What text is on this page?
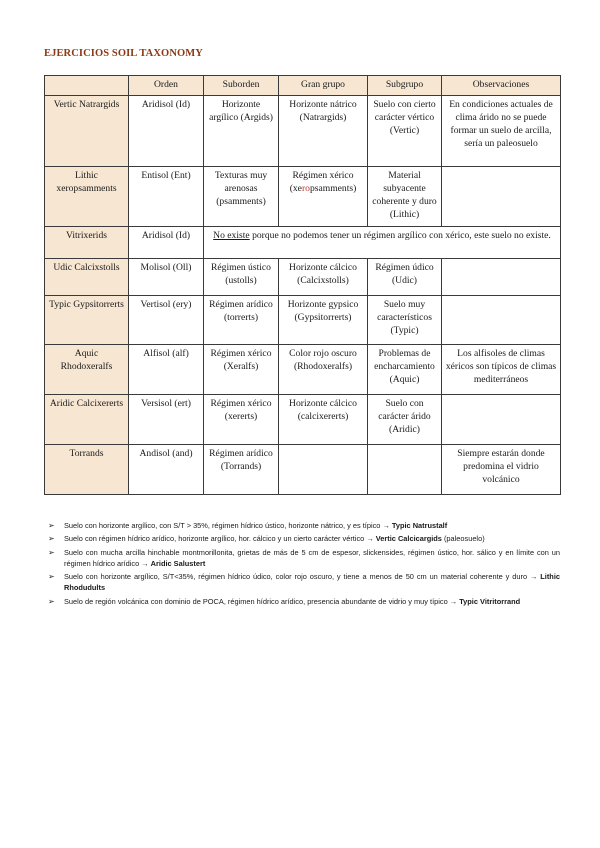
EJERCICIOS SOIL TAXONOMY
	Orden	Suborden	Gran grupo	Subgrupo	Observaciones
Vertic Natrargids	Aridisol (Id)	Horizonte argílico (Argids)	Horizonte nátrico (Natrargids)	Suelo con cierto carácter vértico (Vertic)	En condiciones actuales de clima árido no se puede formar un suelo de arcilla, sería un paleosuelo
Lithic xeropsamments	Entisol (Ent)	Texturas muy arenosas (psamments)	Régimen xérico (xeropsamments)	Material subyacente coherente y duro (Lithic)	
Vitrixerids	Aridisol (Id)	No existe porque no podemos tener un régimen argílico con xérico, este suelo no existe.			
Udic Calcixstolls	Molisol (Oll)	Régimen ústico (ustolls)	Horizonte cálcico (Calcixstolls)	Régimen údico (Udic)	
Typic Gypsitorrerts	Vertisol (ery)	Régimen arídico (torrerts)	Horizonte gypsico (Gypsitorrerts)	Suelo muy característicos (Typic)	
Aquic Rhodoxeralfs	Alfisol (alf)	Régimen xérico (Xeralfs)	Color rojo oscuro (Rhodoxeralfs)	Problemas de encharcamiento (Aquic)	Los alfisoles de climas xéricos son típicos de climas mediterráneos
Aridic Calcixererts	Versisol (ert)	Régimen xérico (xererts)	Horizonte cálcico (calcixererts)	Suelo con carácter árido (Aridic)	
Torrands	Andisol (and)	Régimen arídico (Torrands)			Siempre estarán donde predomina el vidrio volcánico
➢ Suelo con horizonte argílico, con S/T > 35%, régimen hídrico ústico, horizonte nátrico, y es típico → Typic Natrustalf
➢ Suelo con régimen hídrico arídico, horizonte argílico, hor. cálcico y un cierto carácter vértico → Vertic Calcicargids (paleosuelo)
➢ Suelo con mucha arcilla hinchable montmorillonita, grietas de más de 5 cm de espesor, slickensides, régimen ústico, hor. sálico y en límite con un régimen hídrico arídico → Aridic Salustert
➢ Suelo con horizonte argílico, S/T<35%, régimen hídrico údico, color rojo oscuro, y tiene a menos de 50 cm un material coherente y duro → Lithic Rhodudults
➢ Suelo de región volcánica con dominio de POCA, régimen hídrico arídico, presencia abundante de vidrio y muy típico → Typic Vitritorrand
